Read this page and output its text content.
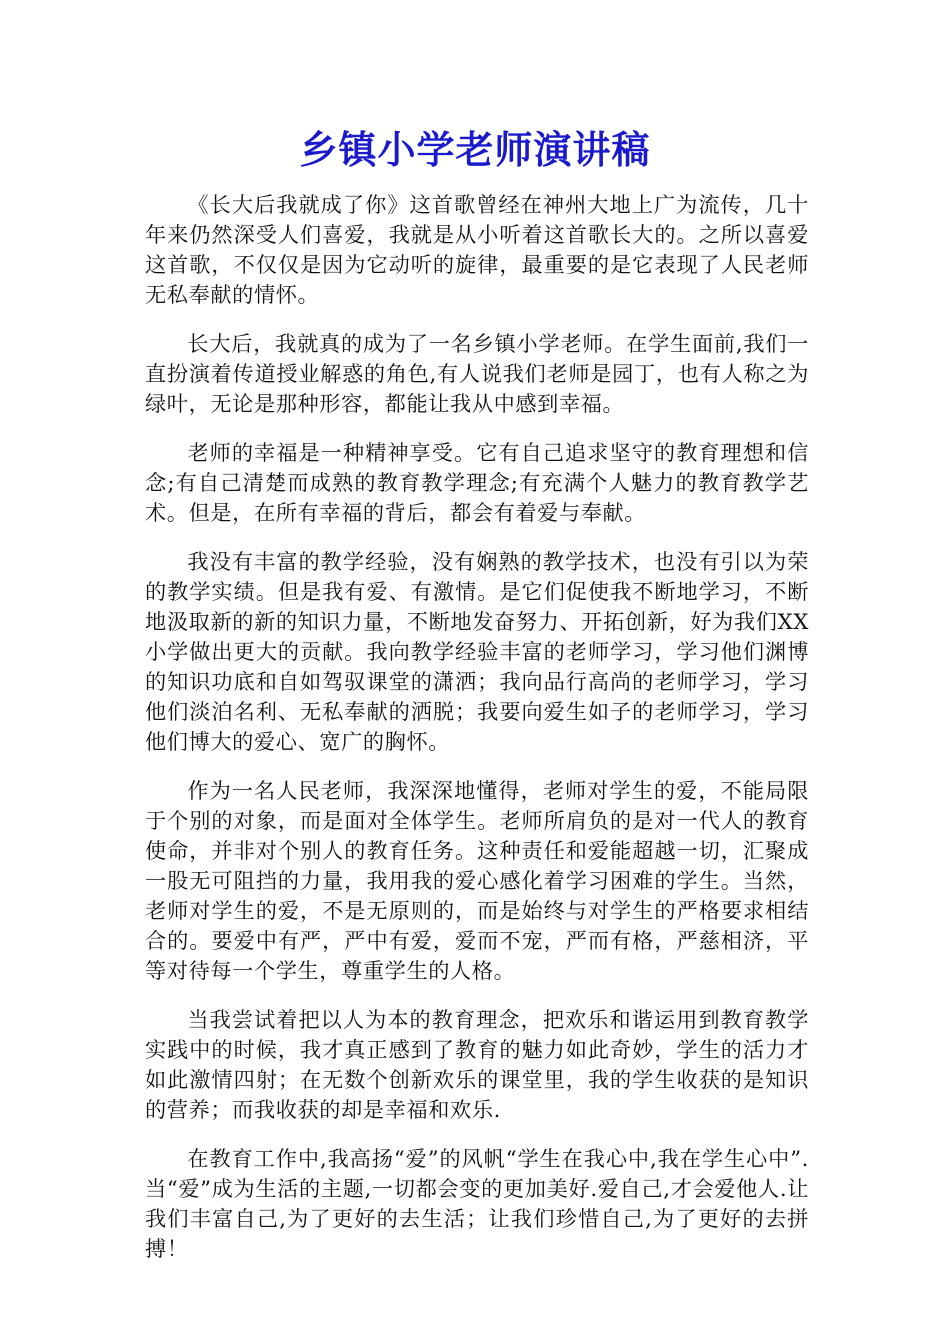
乡镇小学老师演讲稿

《长大后我就成了你》这首歌曾经在神州大地上广为流传，几十年来仍然深受人们喜爱，我就是从小听着这首歌长大的。之所以喜爱这首歌，不仅仅是因为它动听的旋律，最重要的是它表现了人民老师无私奉献的情怀。

长大后，我就真的成为了一名乡镇小学老师。在学生面前,我们一直扮演着传道授业解惑的角色,有人说我们老师是园丁，也有人称之为绿叶，无论是那种形容，都能让我从中感到幸福。

老师的幸福是一种精神享受。它有自己追求坚守的教育理想和信念;有自己清楚而成熟的教育教学理念;有充满个人魅力的教育教学艺术。但是，在所有幸福的背后，都会有着爱与奉献。

我没有丰富的教学经验，没有娴熟的教学技术，也没有引以为荣的教学实绩。但是我有爱、有激情。是它们促使我不断地学习，不断地汲取新的新的知识力量，不断地发奋努力、开拓创新，好为我们XX小学做出更大的贡献。我向教学经验丰富的老师学习，学习他们渊博的知识功底和自如驾驭课堂的潇洒；我向品行高尚的老师学习，学习他们淡泊名利、无私奉献的洒脱；我要向爱生如子的老师学习，学习他们博大的爱心、宽广的胸怀。

作为一名人民老师，我深深地懂得，老师对学生的爱，不能局限于个别的对象，而是面对全体学生。老师所肩负的是对一代人的教育使命，并非对个别人的教育任务。这种责任和爱能超越一切，汇聚成一股无可阻挡的力量，我用我的爱心感化着学习困难的学生。当然，老师对学生的爱，不是无原则的，而是始终与对学生的严格要求相结合的。要爱中有严，严中有爱，爱而不宠，严而有格，严慈相济，平等对待每一个学生，尊重学生的人格。

当我尝试着把以人为本的教育理念，把欢乐和谐运用到教育教学实践中的时候，我才真正感到了教育的魅力如此奇妙，学生的活力才如此激情四射；在无数个创新欢乐的课堂里，我的学生收获的是知识的营养；而我收获的却是幸福和欢乐.

在教育工作中,我高扬“爱”的风帆“学生在我心中,我在学生心中”.当“爱”成为生活的主题,一切都会变的更加美好.爱自己,才会爱他人.让我们丰富自己,为了更好的去生活；让我们珍惜自己,为了更好的去拼搏！
